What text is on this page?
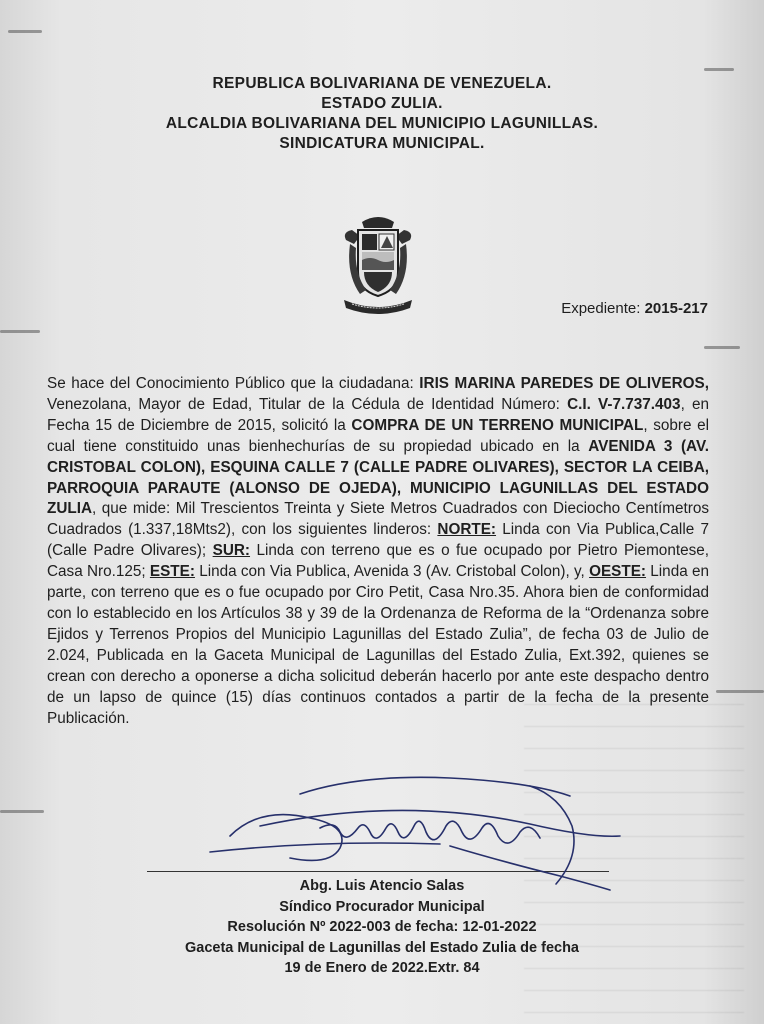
REPUBLICA BOLIVARIANA DE VENEZUELA.
ESTADO ZULIA.
ALCALDIA BOLIVARIANA DEL MUNICIPIO LAGUNILLAS.
SINDICATURA MUNICIPAL.
Expediente: 2015-217
Se hace del Conocimiento Público que la ciudadana: IRIS MARINA PAREDES DE OLIVEROS, Venezolana, Mayor de Edad, Titular de la Cédula de Identidad Número: C.I. V-7.737.403, en Fecha 15 de Diciembre de 2015, solicitó la COMPRA DE UN TERRENO MUNICIPAL, sobre el cual tiene constituido unas bienhechurías de su propiedad ubicado en la AVENIDA 3 (AV. CRISTOBAL COLON), ESQUINA CALLE 7 (CALLE PADRE OLIVARES), SECTOR LA CEIBA, PARROQUIA PARAUTE (ALONSO DE OJEDA), MUNICIPIO LAGUNILLAS DEL ESTADO ZULIA, que mide: Mil Trescientos Treinta y Siete Metros Cuadrados con Dieciocho Centímetros Cuadrados (1.337,18Mts2), con los siguientes linderos: NORTE: Linda con Via Publica,Calle 7 (Calle Padre Olivares); SUR: Linda con terreno que es o fue ocupado por Pietro Piemontese, Casa Nro.125; ESTE: Linda con Via Publica, Avenida 3 (Av. Cristobal Colon), y, OESTE: Linda en parte, con terreno que es o fue ocupado por Ciro Petit, Casa Nro.35. Ahora bien de conformidad con lo establecido en los Artículos 38 y 39 de la Ordenanza de Reforma de la “Ordenanza sobre Ejidos y Terrenos Propios del Municipio Lagunillas del Estado Zulia”, de fecha 03 de Julio de 2.024, Publicada en la Gaceta Municipal de Lagunillas del Estado Zulia, Ext.392, quienes se crean con derecho a oponerse a dicha solicitud deberán hacerlo por ante este despacho dentro de un lapso de quince (15) días continuos contados a partir de la fecha de la presente Publicación.
Abg. Luis Atencio Salas
Síndico Procurador Municipal
Resolución Nº 2022-003 de fecha: 12-01-2022
Gaceta Municipal de Lagunillas del Estado Zulia de fecha
19 de Enero de 2022.Extr. 84
